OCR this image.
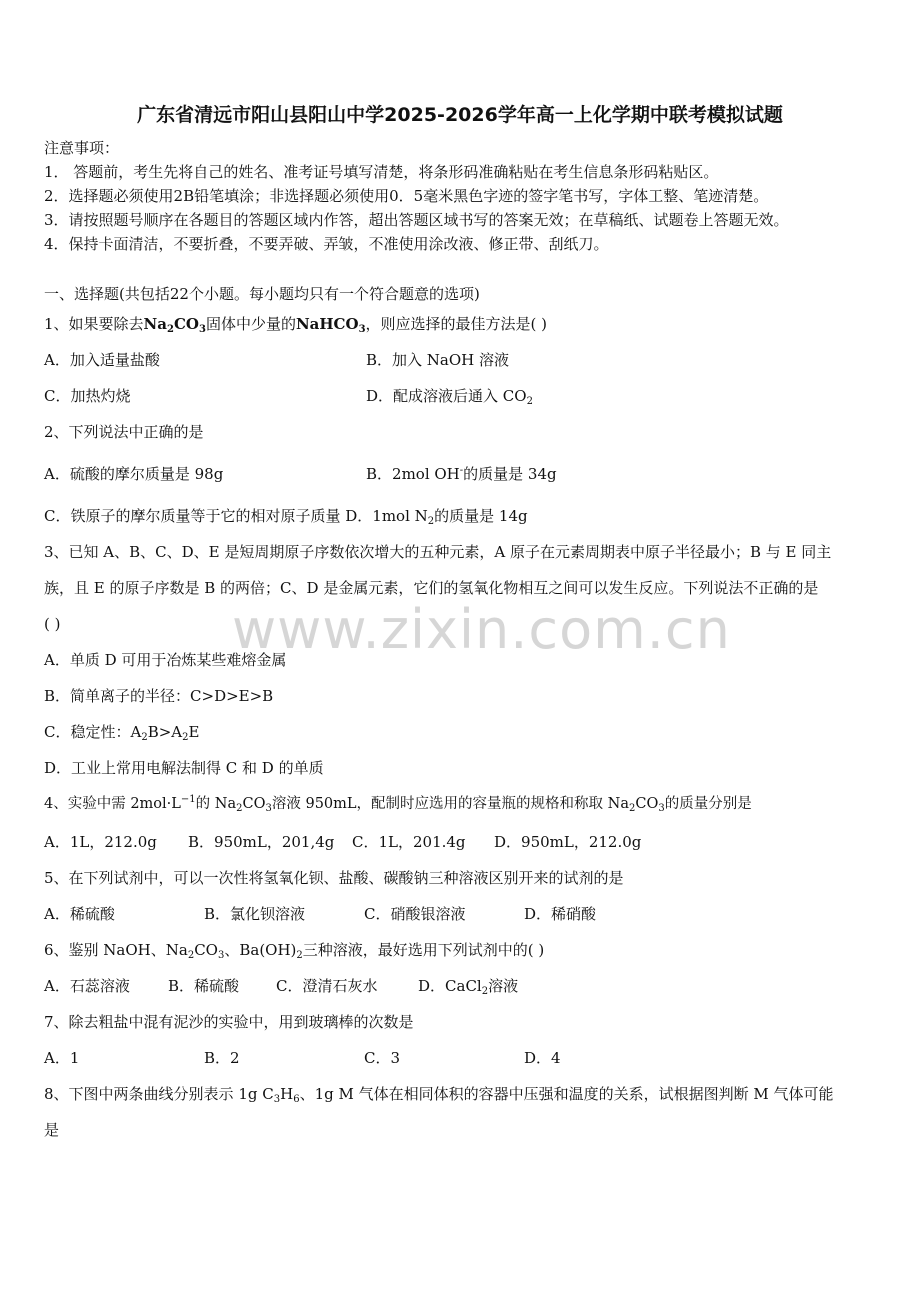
广东省清远市阳山县阳山中学2025-2026学年高一上化学期中联考模拟试题
注意事项：
1． 答题前，考生先将自己的姓名、准考证号填写清楚，将条形码准确粘贴在考生信息条形码粘贴区。
2．选择题必须使用2B铅笔填涂；非选择题必须使用0．5毫米黑色字迹的签字笔书写，字体工整、笔迹清楚。
3．请按照题号顺序在各题目的答题区域内作答，超出答题区域书写的答案无效；在草稿纸、试题卷上答题无效。
4．保持卡面清洁，不要折叠，不要弄破、弄皱，不准使用涂改液、修正带、刮纸刀。
一、选择题(共包括22个小题。每小题均只有一个符合题意的选项)
1、如果要除去$Na_2CO_3$固体中少量的NaHCO$_3$，则应选择的最佳方法是( )
A．加入适量盐酸	B．加入 NaOH 溶液
C．加热灼烧	D．配成溶液后通入 $CO_2$
2、下列说法中正确的是
A．硫酸的摩尔质量是 98g	B．2mol OH-的质量是 34g
C．铁原子的摩尔质量等于它的相对原子质量 D．1mol $N_2$的质量是 14g
3、已知 A、B、C、D、E 是短周期原子序数依次增大的五种元素，A 原子在元素周期表中原子半径最小；B 与 E 同主
族，且 E 的原子序数是 B 的两倍；C、D 是金属元素，它们的氢氧化物相互之间可以发生反应。下列说法不正确的是
( )
A．单质 D 可用于冶炼某些难熔金属
B．简单离子的半径：C>D>E>B
C．稳定性：$A_2B>A_2E$
D．工业上常用电解法制得 C 和 D 的单质
www.zixin.com.cn
4、实验中需 $2mol\cdot L^{-1}$的 $Na_2CO_3$溶液 950mL，配制时应选用的容量瓶的规格和称取 $Na_2CO_3$的质量分别是
A．1L，212.0g B．950mL，201,4g C．1L，201.4g D．950mL，212.0g
5、在下列试剂中，可以一次性将氢氧化钡、盐酸、碳酸钠三种溶液区别开来的试剂的是
A．稀硫酸	B．氯化钡溶液	C．硝酸银溶液	D．稀硝酸
6、鉴别 NaOH、$Na_2CO_3$、$Ba(OH)_2$三种溶液，最好选用下列试剂中的( )
A．石蕊溶液	B．稀硫酸 C．澄清石灰水	D．CaCl$_2$溶液
7、除去粗盐中混有泥沙的实验中，用到玻璃棒的次数是
A．1	B．2	C．3	D．4
8、下图中两条曲线分别表示 1g $C_3H_6$、1g M 气体在相同体积的容器中压强和温度的关系，试根据图判断 M 气体可能
是
